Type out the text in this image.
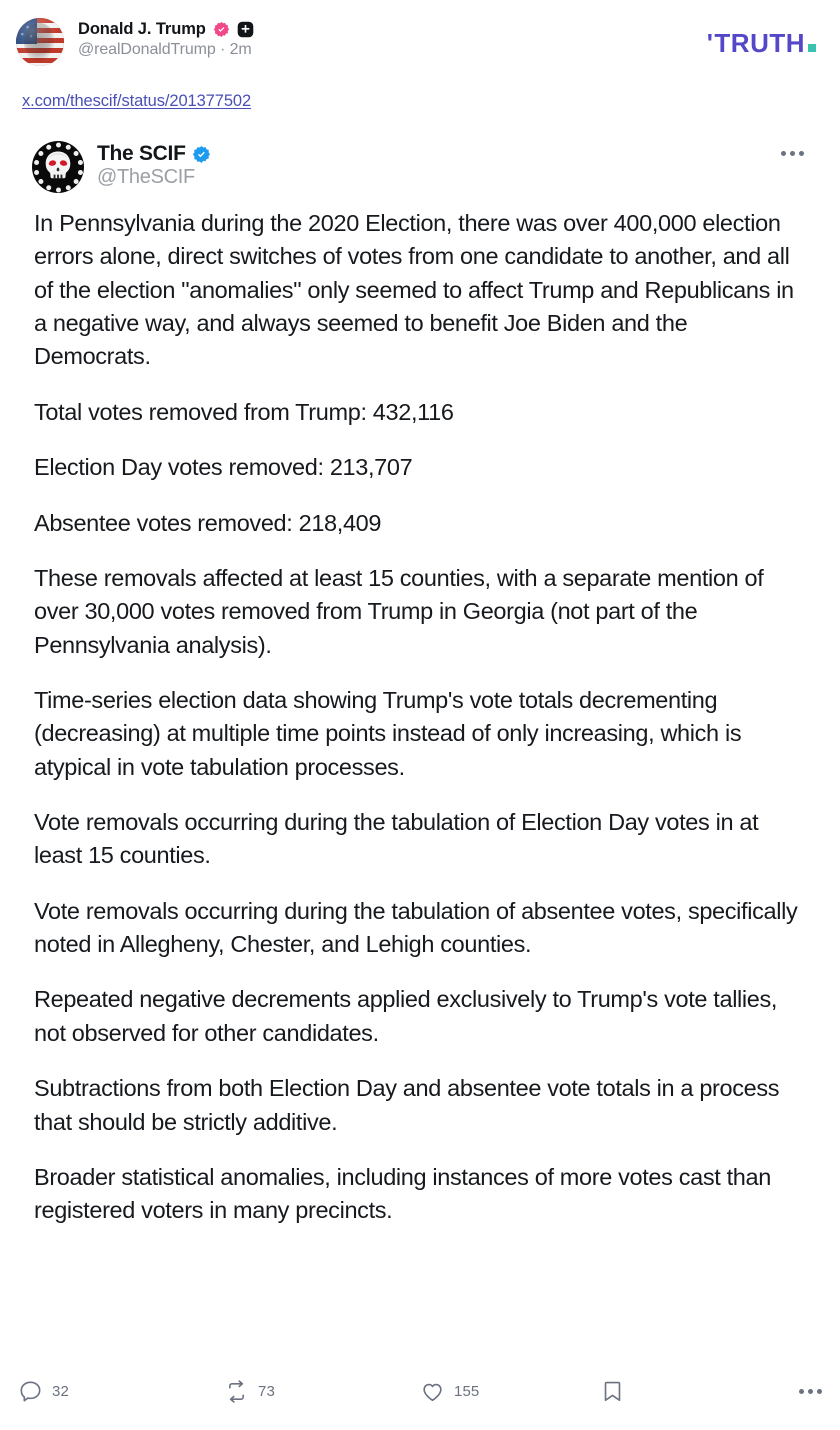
Donald J. Trump
@realDonaldTrump · 2m	' TRUTH
x.com/thescif/status/201377502
The SCIF
@TheSCIF

In Pennsylvania during the 2020 Election, there was over 400,000 election errors alone, direct switches of votes from one candidate to another, and all of the election "anomalies" only seemed to affect Trump and Republicans in a negative way, and always seemed to benefit Joe Biden and the Democrats.

Total votes removed from Trump: 432,116

Election Day votes removed: 213,707

Absentee votes removed: 218,409

These removals affected at least 15 counties, with a separate mention of over 30,000 votes removed from Trump in Georgia (not part of the Pennsylvania analysis).

Time-series election data showing Trump's vote totals decrementing (decreasing) at multiple time points instead of only increasing, which is atypical in vote tabulation processes.

Vote removals occurring during the tabulation of Election Day votes in at least 15 counties.

Vote removals occurring during the tabulation of absentee votes, specifically noted in Allegheny, Chester, and Lehigh counties.

Repeated negative decrements applied exclusively to Trump's vote tallies, not observed for other candidates.

Subtractions from both Election Day and absentee vote totals in a process that should be strictly additive.

Broader statistical anomalies, including instances of more votes cast than registered voters in many precincts.

32	73	155
